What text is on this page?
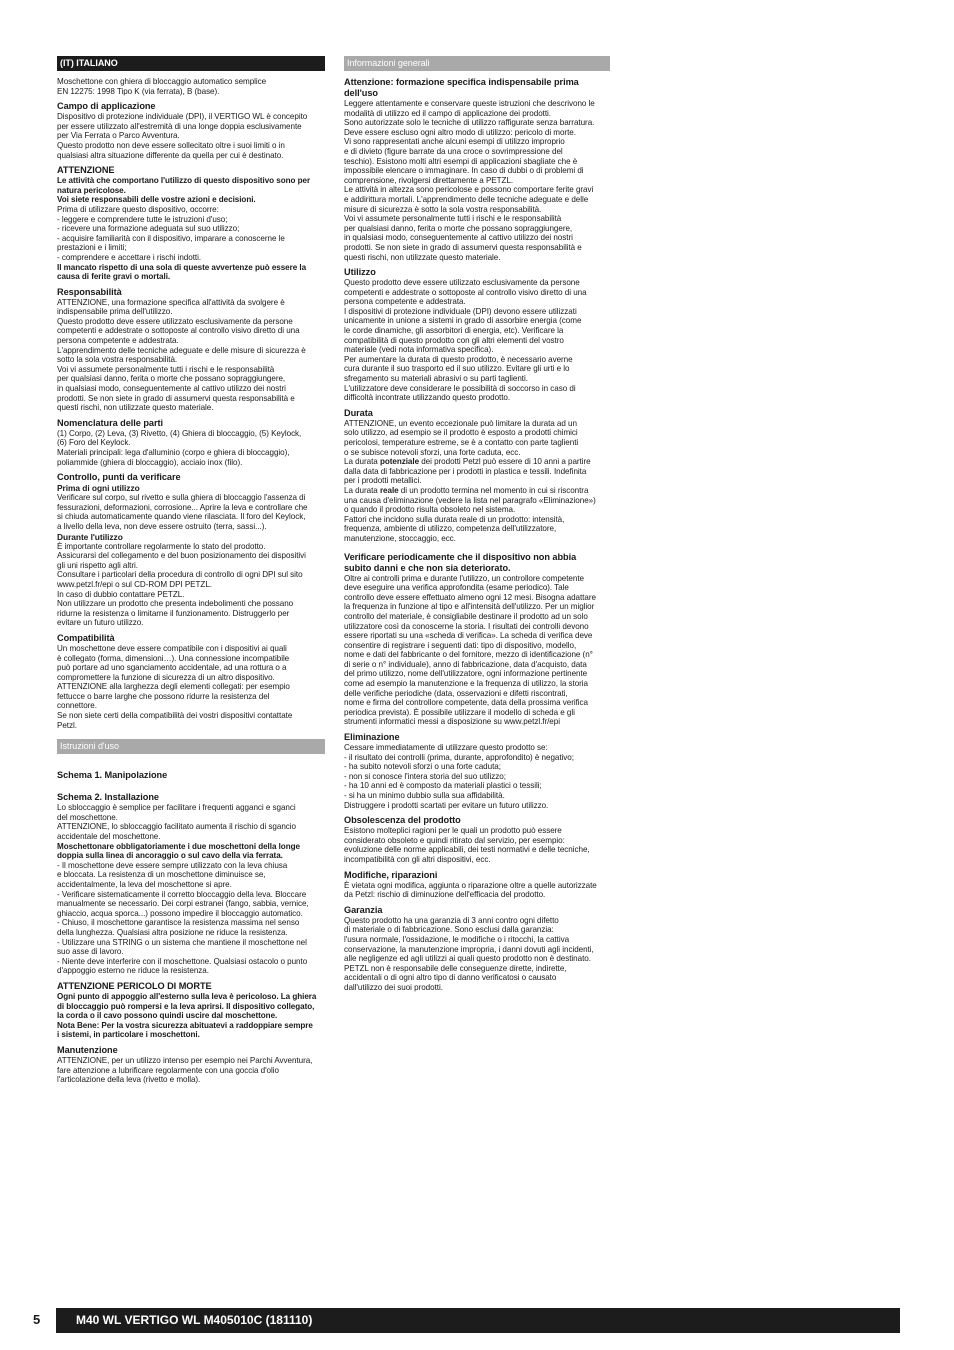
(IT) ITALIANO
Moschettone con ghiera di bloccaggio automatico semplice
EN 12275: 1998 Tipo K (via ferrata), B (base).
Campo di applicazione
Dispositivo di protezione individuale (DPI), il VERTIGO WL è concepito
per essere utilizzato all'estremità di una longe doppia esclusivamente
per Via Ferrata o Parco Avventura.
Questo prodotto non deve essere sollecitato oltre i suoi limiti o in
qualsiasi altra situazione differente da quella per cui è destinato.
ATTENZIONE
Le attività che comportano l'utilizzo di questo dispositivo sono per
natura pericolose.
Voi siete responsabili delle vostre azioni e decisioni.
Prima di utilizzare questo dispositivo, occorre:
- leggere e comprendere tutte le istruzioni d'uso;
- ricevere una formazione adeguata sul suo utilizzo;
- acquisire familiarità con il dispositivo, imparare a conoscerne le
prestazioni e i limiti;
- comprendere e accettare i rischi indotti.
Il mancato rispetto di una sola di queste avvertenze può essere la
causa di ferite gravi o mortali.
Responsabilità
ATTENZIONE, una formazione specifica all'attività da svolgere è
indispensabile prima dell'utilizzo.
Questo prodotto deve essere utilizzato esclusivamente da persone
competenti e addestrate o sottoposte al controllo visivo diretto di una
persona competente e addestrata.
L'apprendimento delle tecniche adeguate e delle misure di sicurezza è
sotto la sola vostra responsabilità.
Voi vi assumete personalmente tutti i rischi e le responsabilità
per qualsiasi danno, ferita o morte che possano sopraggiungere,
in qualsiasi modo, conseguentemente al cattivo utilizzo dei nostri
prodotti. Se non siete in grado di assumervi questa responsabilità e
questi rischi, non utilizzate questo materiale.
Nomenclatura delle parti
(1) Corpo, (2) Leva, (3) Rivetto, (4) Ghiera di bloccaggio, (5) Keylock,
(6) Foro del Keylock.
Materiali principali: lega d'alluminio (corpo e ghiera di bloccaggio),
poliammide (ghiera di bloccaggio), acciaio inox (filo).
Controllo, punti da verificare
Prima di ogni utilizzo
Verificare sul corpo, sul rivetto e sulla ghiera di bloccaggio l'assenza di
fessurazioni, deformazioni, corrosione... Aprire la leva e controllare che
si chiuda automaticamente quando viene rilasciata. Il foro del Keylock,
a livello della leva, non deve essere ostruito (terra, sassi...).
Durante l'utilizzo
È importante controllare regolarmente lo stato del prodotto.
Assicurarsi del collegamento e del buon posizionamento dei dispositivi
gli uni rispetto agli altri.
Consultare i particolari della procedura di controllo di ogni DPI sul sito
www.petzl.fr/epi o sul CD-ROM DPI PETZL.
In caso di dubbio contattare PETZL.
Non utilizzare un prodotto che presenta indebolimenti che possano
ridurne la resistenza o limitarne il funzionamento. Distruggerlo per
evitare un futuro utilizzo.
Compatibilità
Un moschettone deve essere compatibile con i dispositivi ai quali
è collegato (forma, dimensioni…). Una connessione incompatibile
può portare ad uno sganciamento accidentale, ad una rottura o a
compromettere la funzione di sicurezza di un altro dispositivo.
ATTENZIONE alla larghezza degli elementi collegati: per esempio
fettucce o barre larghe che possono ridurre la resistenza del
connettore.
Se non siete certi della compatibilità dei vostri dispositivi contattate
Petzl.
Istruzioni d'uso
Schema 1. Manipolazione
Schema 2. Installazione
Lo sbloccaggio è semplice per facilitare i frequenti agganci e sganci
del moschettone.
ATTENZIONE, lo sbloccaggio facilitato aumenta il rischio di sgancio
accidentale del moschettone.
Moschettonare obbligatoriamente i due moschettoni della longe
doppia sulla linea di ancoraggio o sul cavo della via ferrata.
- Il moschettone deve essere sempre utilizzato con la leva chiusa
e bloccata. La resistenza di un moschettone diminuisce se,
accidentalmente, la leva del moschettone si apre.
- Verificare sistematicamente il corretto bloccaggio della leva. Bloccare
manualmente se necessario. Dei corpi estranei (fango, sabbia, vernice,
ghiaccio, acqua sporca...) possono impedire il bloccaggio automatico.
- Chiuso, il moschettone garantisce la resistenza massima nel senso
della lunghezza. Qualsiasi altra posizione ne riduce la resistenza.
- Utilizzare una STRING o un sistema che mantiene il moschettone nel
suo asse di lavoro.
- Niente deve interferire con il moschettone. Qualsiasi ostacolo o punto
d'appoggio esterno ne riduce la resistenza.
ATTENZIONE PERICOLO DI MORTE
Ogni punto di appoggio all'esterno sulla leva è pericoloso. La ghiera
di bloccaggio può rompersi e la leva aprirsi. Il dispositivo collegato,
la corda o il cavo possono quindi uscire dal moschettone.
Nota Bene: Per la vostra sicurezza abituatevi a raddoppiare sempre
i sistemi, in particolare i moschettoni.
Manutenzione
ATTENZIONE, per un utilizzo intenso per esempio nei Parchi Avventura,
fare attenzione a lubrificare regolarmente con una goccia d'olio
l'articolazione della leva (rivetto e molla).
Informazioni generali
Attenzione: formazione specifica indispensabile prima
dell'uso
Leggere attentamente e conservare queste istruzioni che descrivono le
modalità di utilizzo ed il campo di applicazione dei prodotti.
Sono autorizzate solo le tecniche di utilizzo raffigurate senza barratura.
Deve essere escluso ogni altro modo di utilizzo: pericolo di morte.
Vi sono rappresentati anche alcuni esempi di utilizzo improprio
e di divieto (figure barrate da una croce o sovrimpressione del
teschio). Esistono molti altri esempi di applicazioni sbagliate che è
impossibile elencare o immaginare. In caso di dubbi o di problemi di
comprensione, rivolgersi direttamente a PETZL.
Le attività in altezza sono pericolose e possono comportare ferite gravi
e addirittura mortali. L'apprendimento delle tecniche adeguate e delle
misure di sicurezza è sotto la sola vostra responsabilità.
Voi vi assumete personalmente tutti i rischi e le responsabilità
per qualsiasi danno, ferita o morte che possano sopraggiungere,
in qualsiasi modo, conseguentemente al cattivo utilizzo dei nostri
prodotti. Se non siete in grado di assumervi questa responsabilità e
questi rischi, non utilizzate questo materiale.
Utilizzo
Questo prodotto deve essere utilizzato esclusivamente da persone
competenti e addestrate o sottoposte al controllo visivo diretto di una
persona competente e addestrata.
I dispositivi di protezione individuale (DPI) devono essere utilizzati
unicamente in unione a sistemi in grado di assorbire energia (come
le corde dinamiche, gli assorbitori di energia, etc). Verificare la
compatibilità di questo prodotto con gli altri elementi del vostro
materiale (vedi nota informativa specifica).
Per aumentare la durata di questo prodotto, è necessario averne
cura durante il suo trasporto ed il suo utilizzo. Evitare gli urti e lo
sfregamento su materiali abrasivi o su parti taglienti.
L'utilizzatore deve considerare le possibilità di soccorso in caso di
difficoltà incontrate utilizzando questo prodotto.
Durata
ATTENZIONE, un evento eccezionale può limitare la durata ad un
solo utilizzo, ad esempio se il prodotto è esposto a prodotti chimici
pericolosi, temperature estreme, se è a contatto con parte taglienti
o se subisce notevoli sforzi, una forte caduta, ecc.
La durata potenziale dei prodotti Petzl può essere di 10 anni a partire
dalla data di fabbricazione per i prodotti in plastica e tessili. Indefinita
per i prodotti metallici.
La durata reale di un prodotto termina nel momento in cui si riscontra
una causa d'eliminazione (vedere la lista nel paragrafo «Eliminazione»)
o quando il prodotto risulta obsoleto nel sistema.
Fattori che incidono sulla durata reale di un prodotto: intensità,
frequenza, ambiente di utilizzo, competenza dell'utilizzatore,
manutenzione, stoccaggio, ecc.
Verificare periodicamente che il dispositivo non abbia
subito danni e che non sia deteriorato.
Oltre ai controlli prima e durante l'utilizzo, un controllore competente
deve eseguire una verifica approfondita (esame periodico). Tale
controllo deve essere effettuato almeno ogni 12 mesi. Bisogna adattare
la frequenza in funzione al tipo e all'intensità dell'utilizzo. Per un miglior
controllo del materiale, è consigliabile destinare il prodotto ad un solo
utilizzatore così da conoscerne la storia. I risultati dei controlli devono
essere riportati su una «scheda di verifica». La scheda di verifica deve
consentire di registrare i seguenti dati: tipo di dispositivo, modello,
nome e dati del fabbricante o del fornitore, mezzo di identificazione (n°
di serie o n° individuale), anno di fabbricazione, data d'acquisto, data
del primo utilizzo, nome dell'utilizzatore, ogni informazione pertinente
come ad esempio la manutenzione e la frequenza di utilizzo, la storia
delle verifiche periodiche (data, osservazioni e difetti riscontrati,
nome e firma del controllore competente, data della prossima verifica
periodica prevista). È possibile utilizzare il modello di scheda e gli
strumenti informatici messi a disposizione su www.petzl.fr/epi
Eliminazione
Cessare immediatamente di utilizzare questo prodotto se:
- il risultato dei controlli (prima, durante, approfondito) è negativo;
- ha subito notevoli sforzi o una forte caduta;
- non si conosce l'intera storia del suo utilizzo;
- ha 10 anni ed è composto da materiali plastici o tessili;
- si ha un minimo dubbio sulla sua affidabilità.
Distruggere i prodotti scartati per evitare un futuro utilizzo.
Obsolescenza del prodotto
Esistono molteplici ragioni per le quali un prodotto può essere
considerato obsoleto e quindi ritirato dal servizio, per esempio:
evoluzione delle norme applicabili, dei testi normativi e delle tecniche,
incompatibilità con gli altri dispositivi, ecc.
Modifiche, riparazioni
È vietata ogni modifica, aggiunta o riparazione oltre a quelle autorizzate
da Petzl: rischio di diminuzione dell'efficacia del prodotto.
Garanzia
Questo prodotto ha una garanzia di 3 anni contro ogni difetto
di materiale o di fabbricazione. Sono esclusi dalla garanzia:
l'usura normale, l'ossidazione, le modifiche o i ritocchi, la cattiva
conservazione, la manutenzione impropria, i danni dovuti agli incidenti,
alle negligenze ed agli utilizzi ai quali questo prodotto non è destinato.
PETZL non è responsabile delle conseguenze dirette, indirette,
accidentali o di ogni altro tipo di danno verificatosi o causato
dall'utilizzo dei suoi prodotti.
5	M40 WL VERTIGO WL M405010C (181110)
